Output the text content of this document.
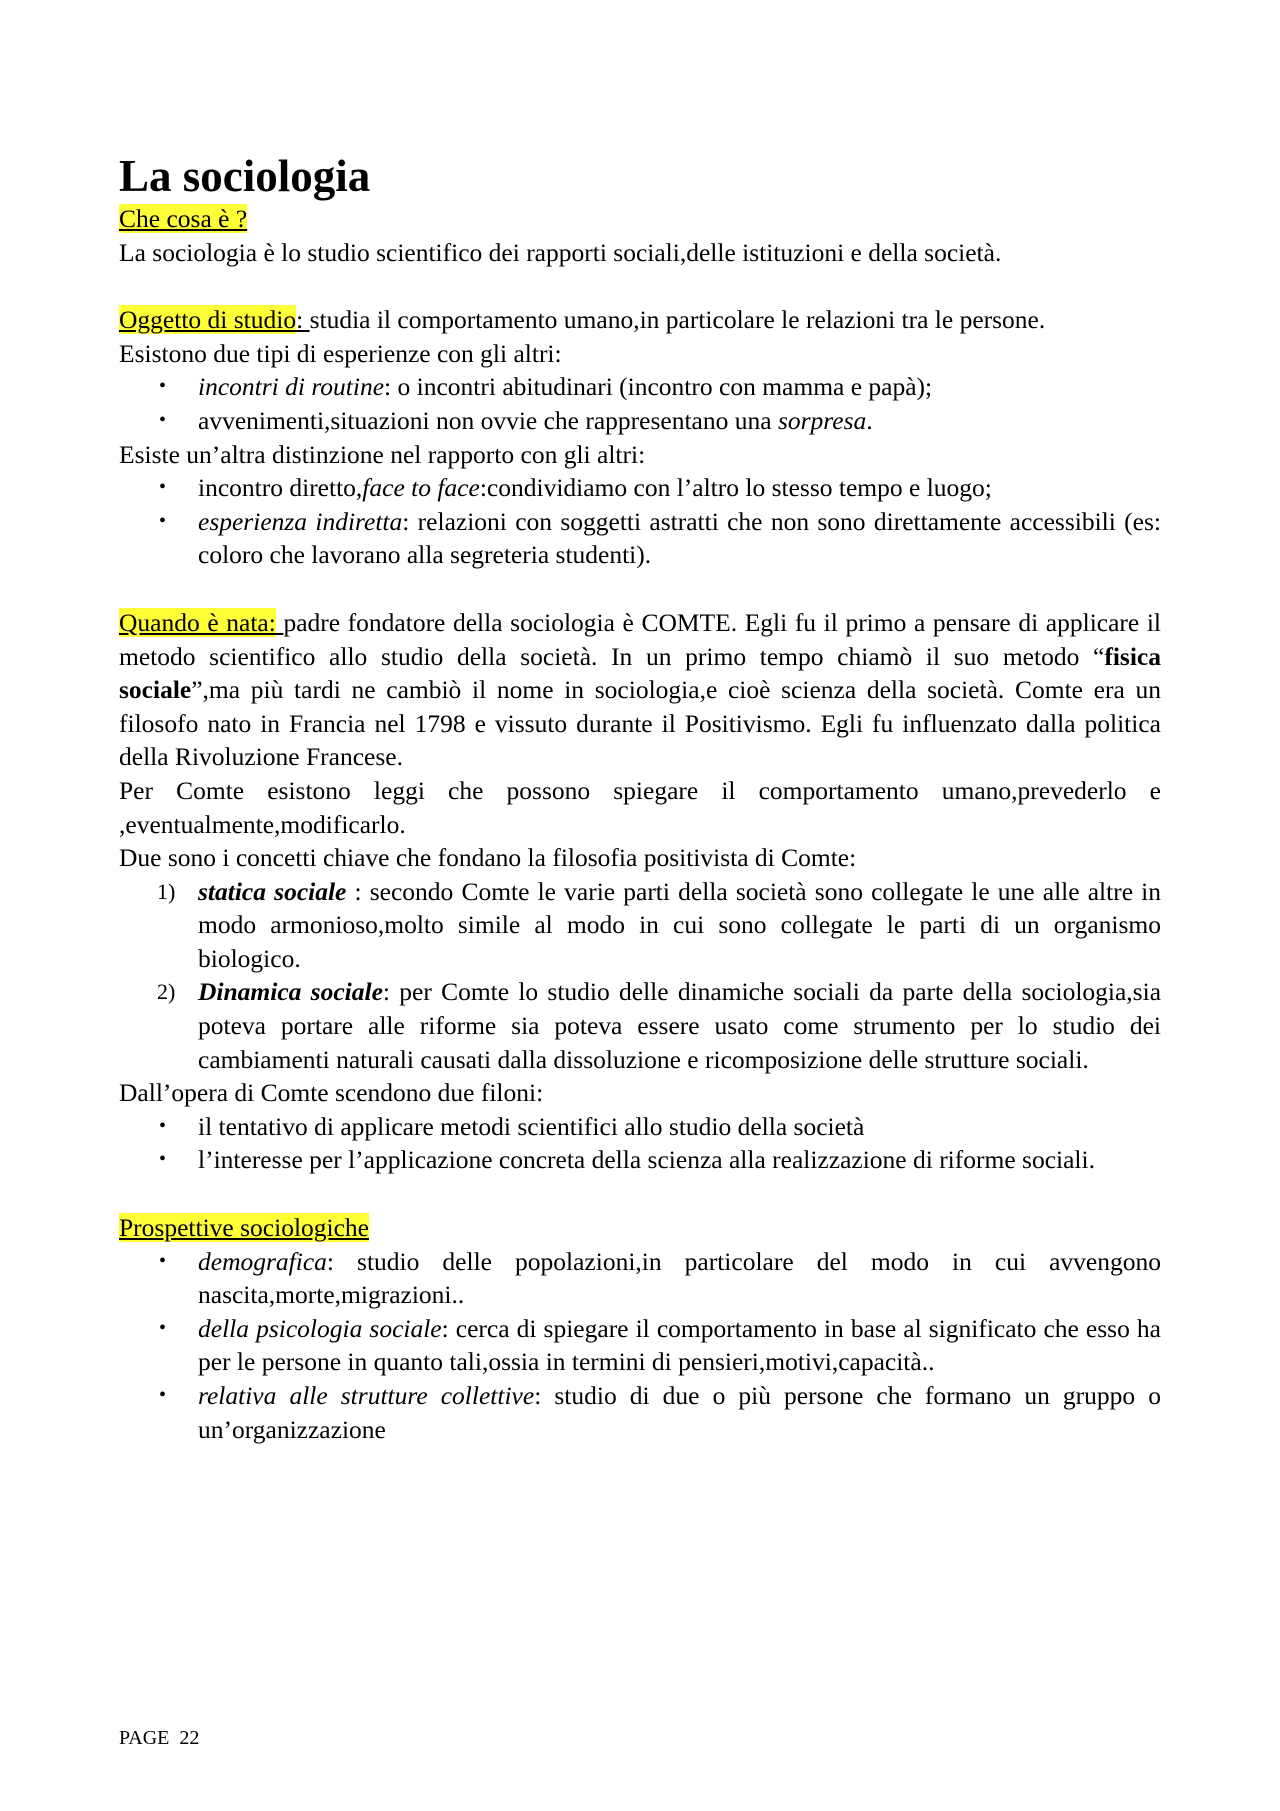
La sociologia

Che cosa è ?

La sociologia è lo studio scientifico dei rapporti sociali,delle istituzioni e della società.

Oggetto di studio: studia il comportamento umano,in particolare le relazioni tra le persone.

Esistono due tipi di esperienze con gli altri:

• incontri di routine: o incontri abitudinari (incontro con mamma e papà);
• avvenimenti,situazioni non ovvie che rappresentano una sorpresa.

Esiste un’altra distinzione nel rapporto con gli altri:

• incontro diretto,face to face:condividiamo con l’altro lo stesso tempo e luogo;
• esperienza indiretta: relazioni con soggetti astratti che non sono direttamente accessibili (es: coloro che lavorano alla segreteria studenti).

Quando è nata: padre fondatore della sociologia è COMTE. Egli fu il primo a pensare di applicare il metodo scientifico allo studio della società. In un primo tempo chiamò il suo metodo “fisica sociale”,ma più tardi ne cambiò il nome in sociologia,e cioè scienza della società. Comte era un filosofo nato in Francia nel 1798 e vissuto durante il Positivismo. Egli fu influenzato dalla politica della Rivoluzione Francese.

Per Comte esistono leggi che possono spiegare il comportamento umano,prevederlo e ,eventualmente,modificarlo.

Due sono i concetti chiave che fondano la filosofia positivista di Comte:

1) statica sociale : secondo Comte le varie parti della società sono collegate le une alle altre in modo armonioso,molto simile al modo in cui sono collegate le parti di un organismo biologico.
2) Dinamica sociale: per Comte lo studio delle dinamiche sociali da parte della sociologia,sia poteva portare alle riforme sia poteva essere usato come strumento per lo studio dei cambiamenti naturali causati dalla dissoluzione e ricomposizione delle strutture sociali.

Dall’opera di Comte scendono due filoni:

• il tentativo di applicare metodi scientifici allo studio della società
• l’interesse per l’applicazione concreta della scienza alla realizzazione di riforme sociali.

Prospettive sociologiche

• demografica: studio delle popolazioni,in particolare del modo in cui avvengono nascita,morte,migrazioni..
• della psicologia sociale: cerca di spiegare il comportamento in base al significato che esso ha per le persone in quanto tali,ossia in termini di pensieri,motivi,capacità..
• relativa alle strutture collettive: studio di due o più persone che formano un gruppo o un’organizzazione
PAGE 22
